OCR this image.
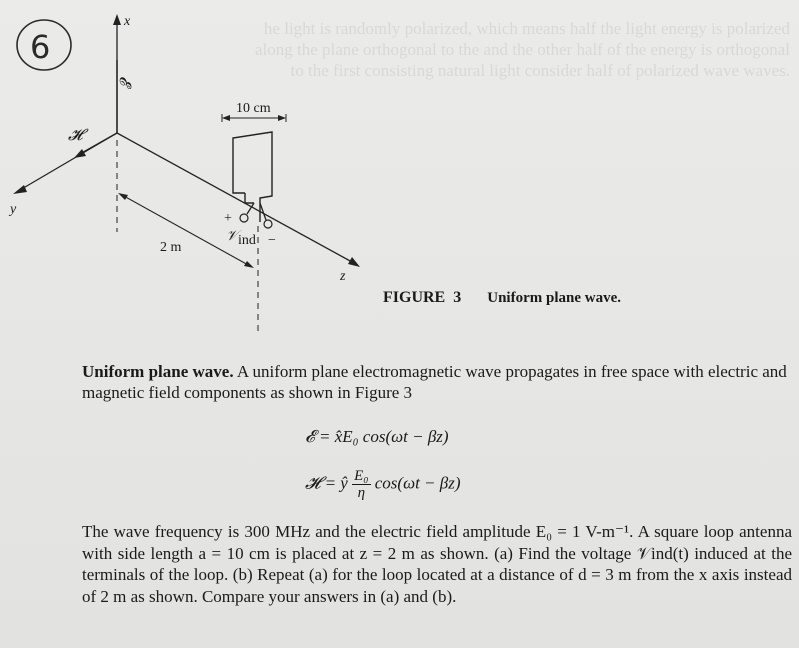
he light is randomly polarized, which means half the light energy is polarized along the plane orthogonal to the and the other half of the energy is orthogonal to the first consisting natural light consider half of polarized wave waves.
6
x
𝓔
y
𝓗
z
2 m
10 cm
+
−
𝒱 ind
FIGURE 3 Uniform plane wave.
Uniform plane wave. A uniform plane electromagnetic wave propagates in free space with electric and magnetic field components as shown in Figure 3
𝓔 = x̂E₀ cos(ωt − βz)
𝓗 = ŷ $\frac{\text{E₀}}{\eta} \cos(\omega t - \beta z)$
The wave frequency is 300 MHz and the electric field amplitude E₀ = 1 V-m⁻¹. A square loop antenna with side length a = 10 cm is placed at z = 2 m as shown. (a) Find the voltage 𝒱ind(t) induced at the terminals of the loop. (b) Repeat (a) for the loop located at a distance of d = 3 m from the x axis instead of 2 m as shown. Compare your answers in (a) and (b).
